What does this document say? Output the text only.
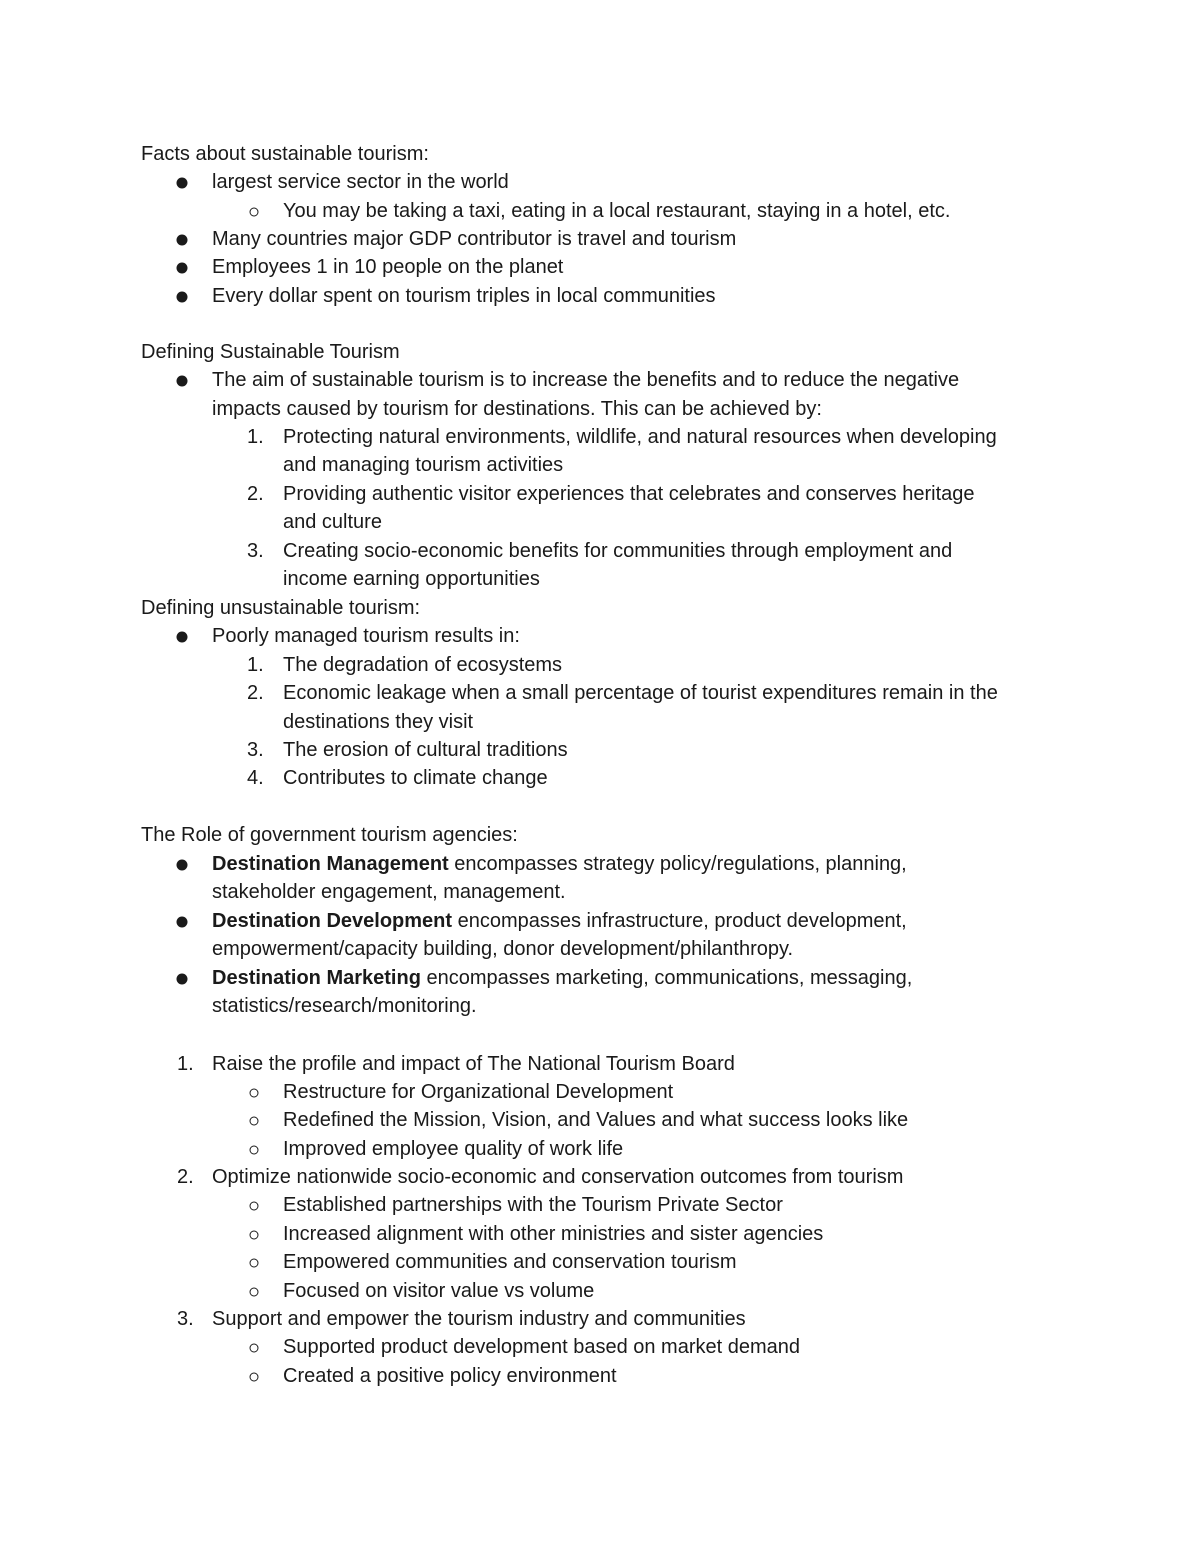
Facts about sustainable tourism:
largest service sector in the world
You may be taking a taxi, eating in a local restaurant, staying in a hotel, etc.
Many countries major GDP contributor is travel and tourism
Employees 1 in 10 people on the planet
Every dollar spent on tourism triples in local communities
Defining Sustainable Tourism
The aim of sustainable tourism is to increase the benefits and to reduce the negative
impacts caused by tourism for destinations. This can be achieved by:
1. Protecting natural environments, wildlife, and natural resources when developing
and managing tourism activities
2. Providing authentic visitor experiences that celebrates and conserves heritage
and culture
3. Creating socio-economic benefits for communities through employment and
income earning opportunities
Defining unsustainable tourism:
Poorly managed tourism results in:
1. The degradation of ecosystems
2. Economic leakage when a small percentage of tourist expenditures remain in the
destinations they visit
3. The erosion of cultural traditions
4. Contributes to climate change
The Role of government tourism agencies:
Destination Management encompasses strategy policy/regulations, planning,
stakeholder engagement, management.
Destination Development encompasses infrastructure, product development,
empowerment/capacity building, donor development/philanthropy.
Destination Marketing encompasses marketing, communications, messaging,
statistics/research/monitoring.
1. Raise the profile and impact of The National Tourism Board
Restructure for Organizational Development
Redefined the Mission, Vision, and Values and what success looks like
Improved employee quality of work life
2. Optimize nationwide socio-economic and conservation outcomes from tourism
Established partnerships with the Tourism Private Sector
Increased alignment with other ministries and sister agencies
Empowered communities and conservation tourism
Focused on visitor value vs volume
3. Support and empower the tourism industry and communities
Supported product development based on market demand
Created a positive policy environment
